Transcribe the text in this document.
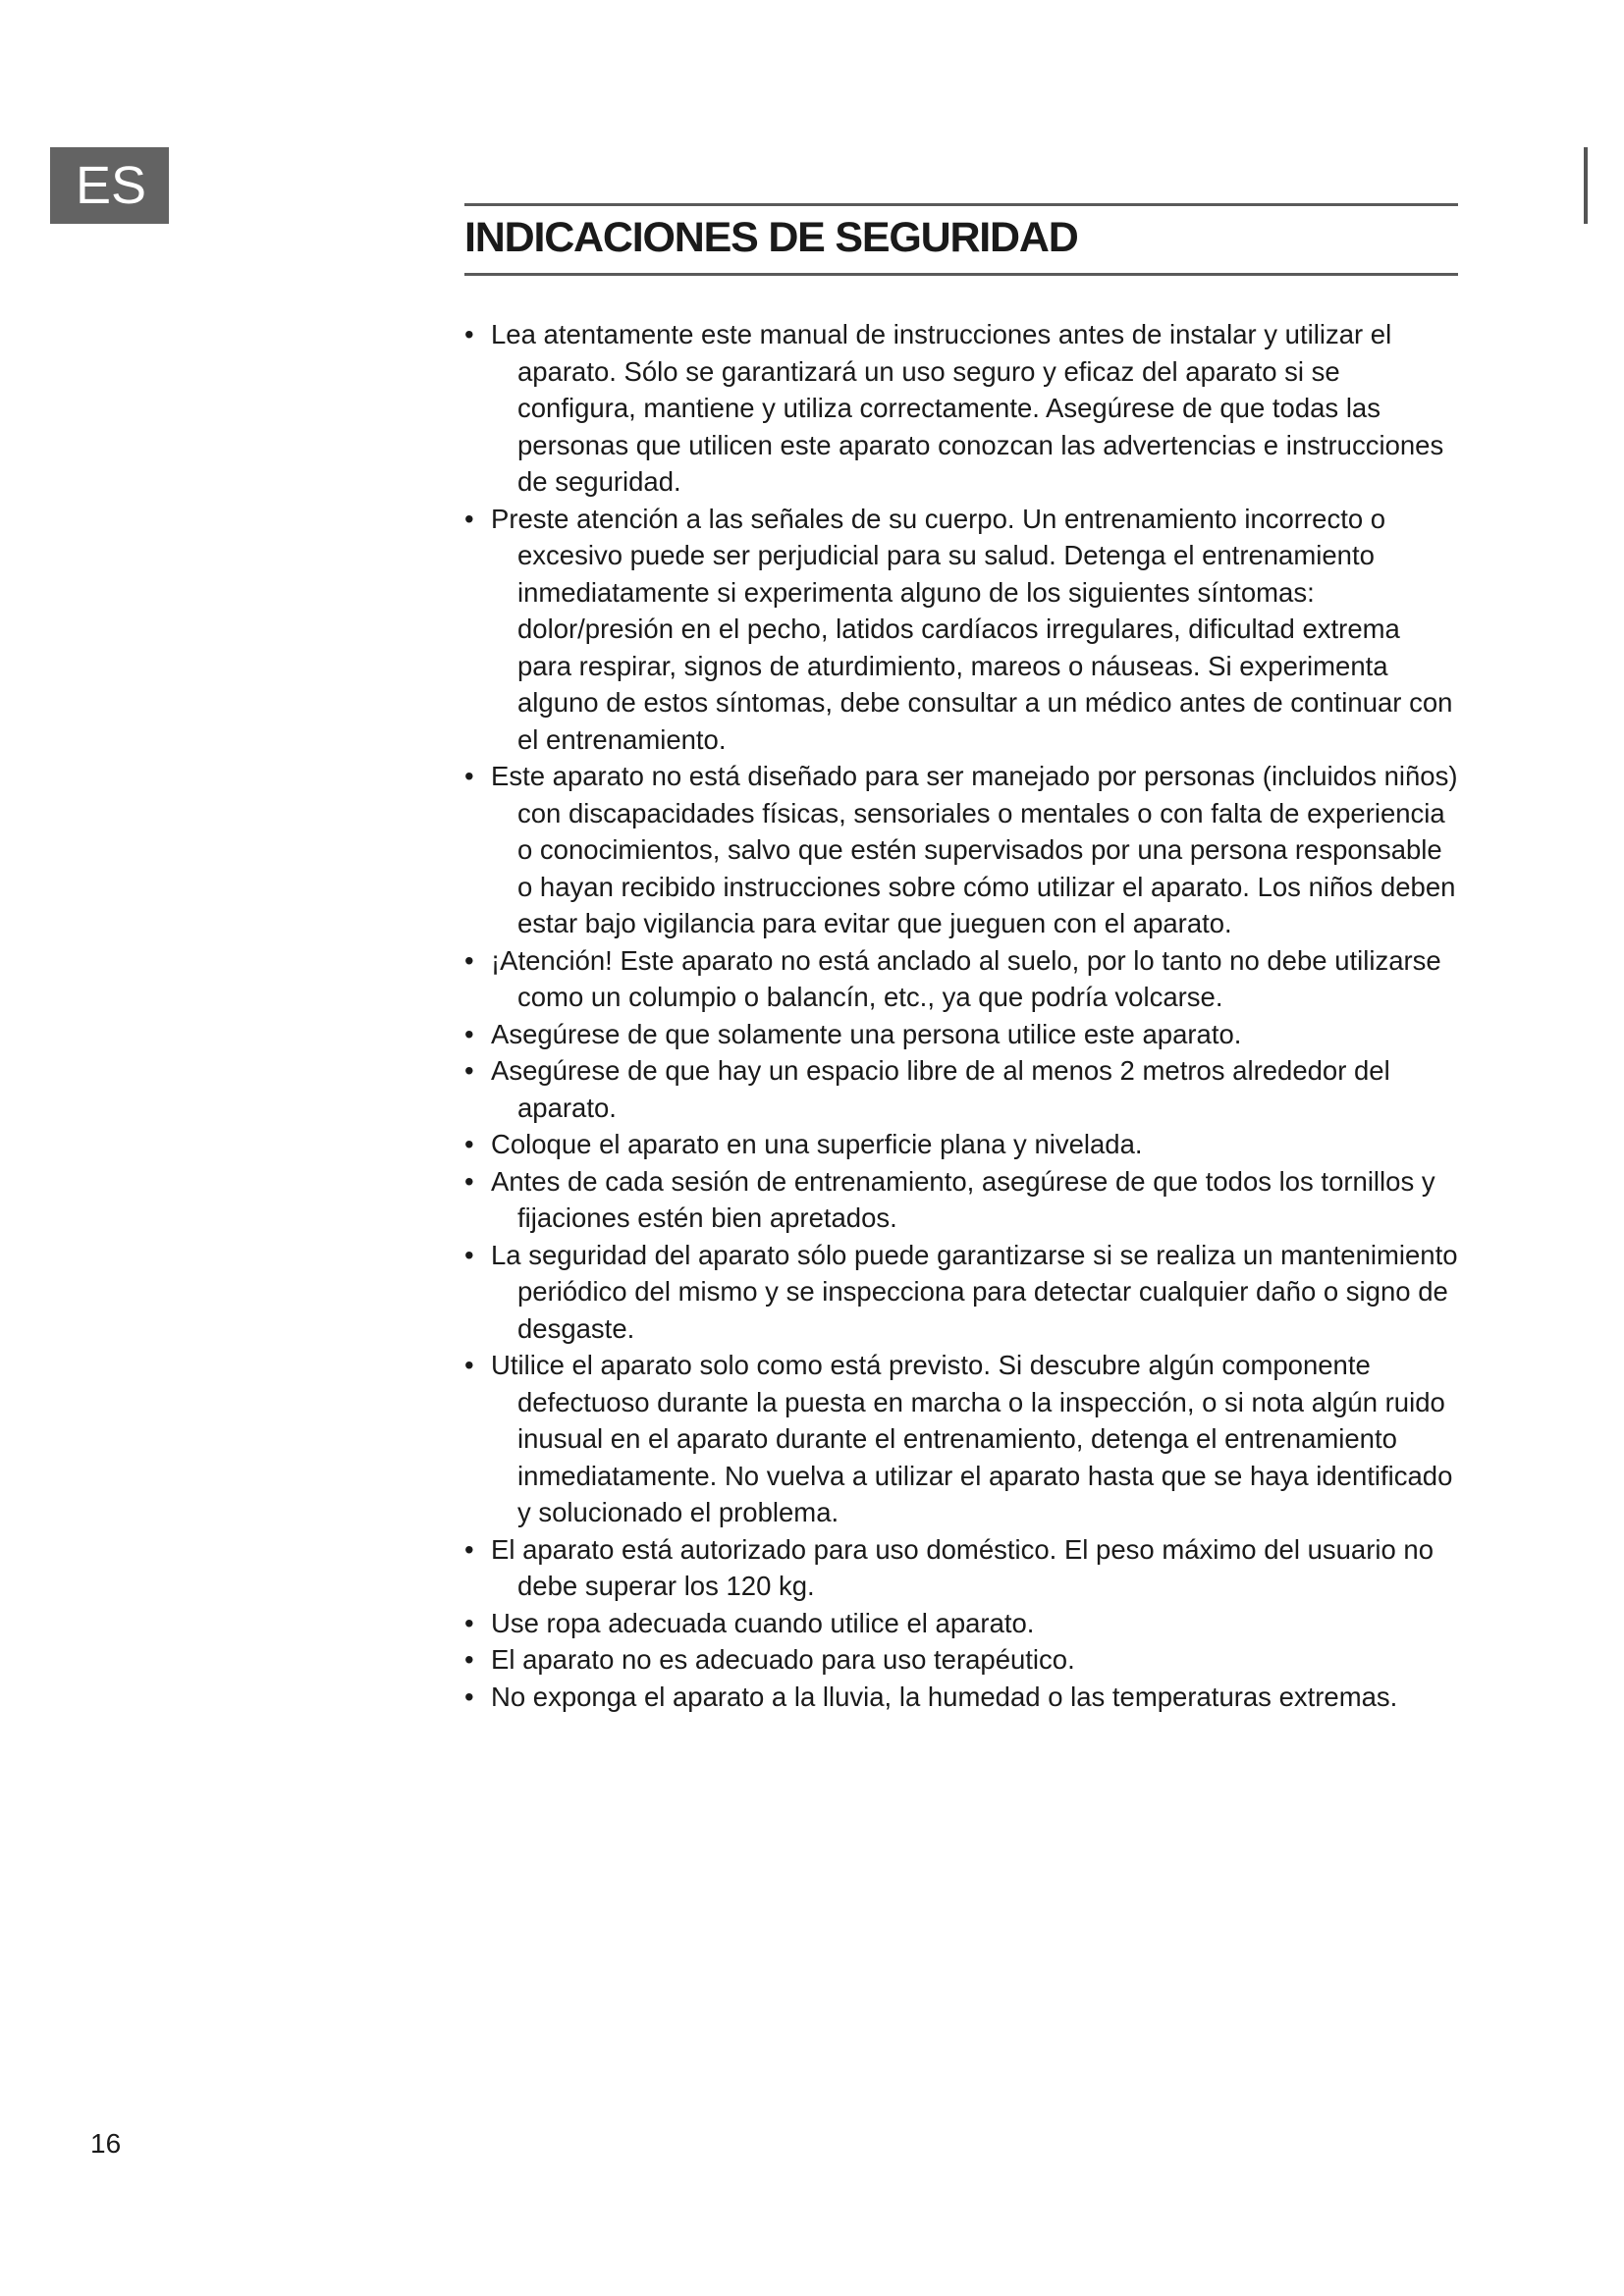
ES
INDICACIONES DE SEGURIDAD
• Lea atentamente este manual de instrucciones antes de instalar y utilizar el aparato. Sólo se garantizará un uso seguro y eficaz del aparato si se configura, mantiene y utiliza correctamente. Asegúrese de que todas las personas que utilicen este aparato conozcan las advertencias e instrucciones de seguridad.
• Preste atención a las señales de su cuerpo. Un entrenamiento incorrecto o excesivo puede ser perjudicial para su salud. Detenga el entrenamiento inmediatamente si experimenta alguno de los siguientes síntomas: dolor/presión en el pecho, latidos cardíacos irregulares, dificultad extrema para respirar, signos de aturdimiento, mareos o náuseas. Si experimenta alguno de estos síntomas, debe consultar a un médico antes de continuar con el entrenamiento.
• Este aparato no está diseñado para ser manejado por personas (incluidos niños) con discapacidades físicas, sensoriales o mentales o con falta de experiencia o conocimientos, salvo que estén supervisados por una persona responsable o hayan recibido instrucciones sobre cómo utilizar el aparato. Los niños deben estar bajo vigilancia para evitar que jueguen con el aparato.
• ¡Atención! Este aparato no está anclado al suelo, por lo tanto no debe utilizarse como un columpio o balancín, etc., ya que podría volcarse.
• Asegúrese de que solamente una persona utilice este aparato.
• Asegúrese de que hay un espacio libre de al menos 2 metros alrededor del aparato.
• Coloque el aparato en una superficie plana y nivelada.
• Antes de cada sesión de entrenamiento, asegúrese de que todos los tornillos y fijaciones estén bien apretados.
• La seguridad del aparato sólo puede garantizarse si se realiza un mantenimiento periódico del mismo y se inspecciona para detectar cualquier daño o signo de desgaste.
• Utilice el aparato solo como está previsto. Si descubre algún componente defectuoso durante la puesta en marcha o la inspección, o si nota algún ruido inusual en el aparato durante el entrenamiento, detenga el entrenamiento inmediatamente. No vuelva a utilizar el aparato hasta que se haya identificado y solucionado el problema.
• El aparato está autorizado para uso doméstico. El peso máximo del usuario no debe superar los 120 kg.
• Use ropa adecuada cuando utilice el aparato.
• El aparato no es adecuado para uso terapéutico.
• No exponga el aparato a la lluvia, la humedad o las temperaturas extremas.
16
